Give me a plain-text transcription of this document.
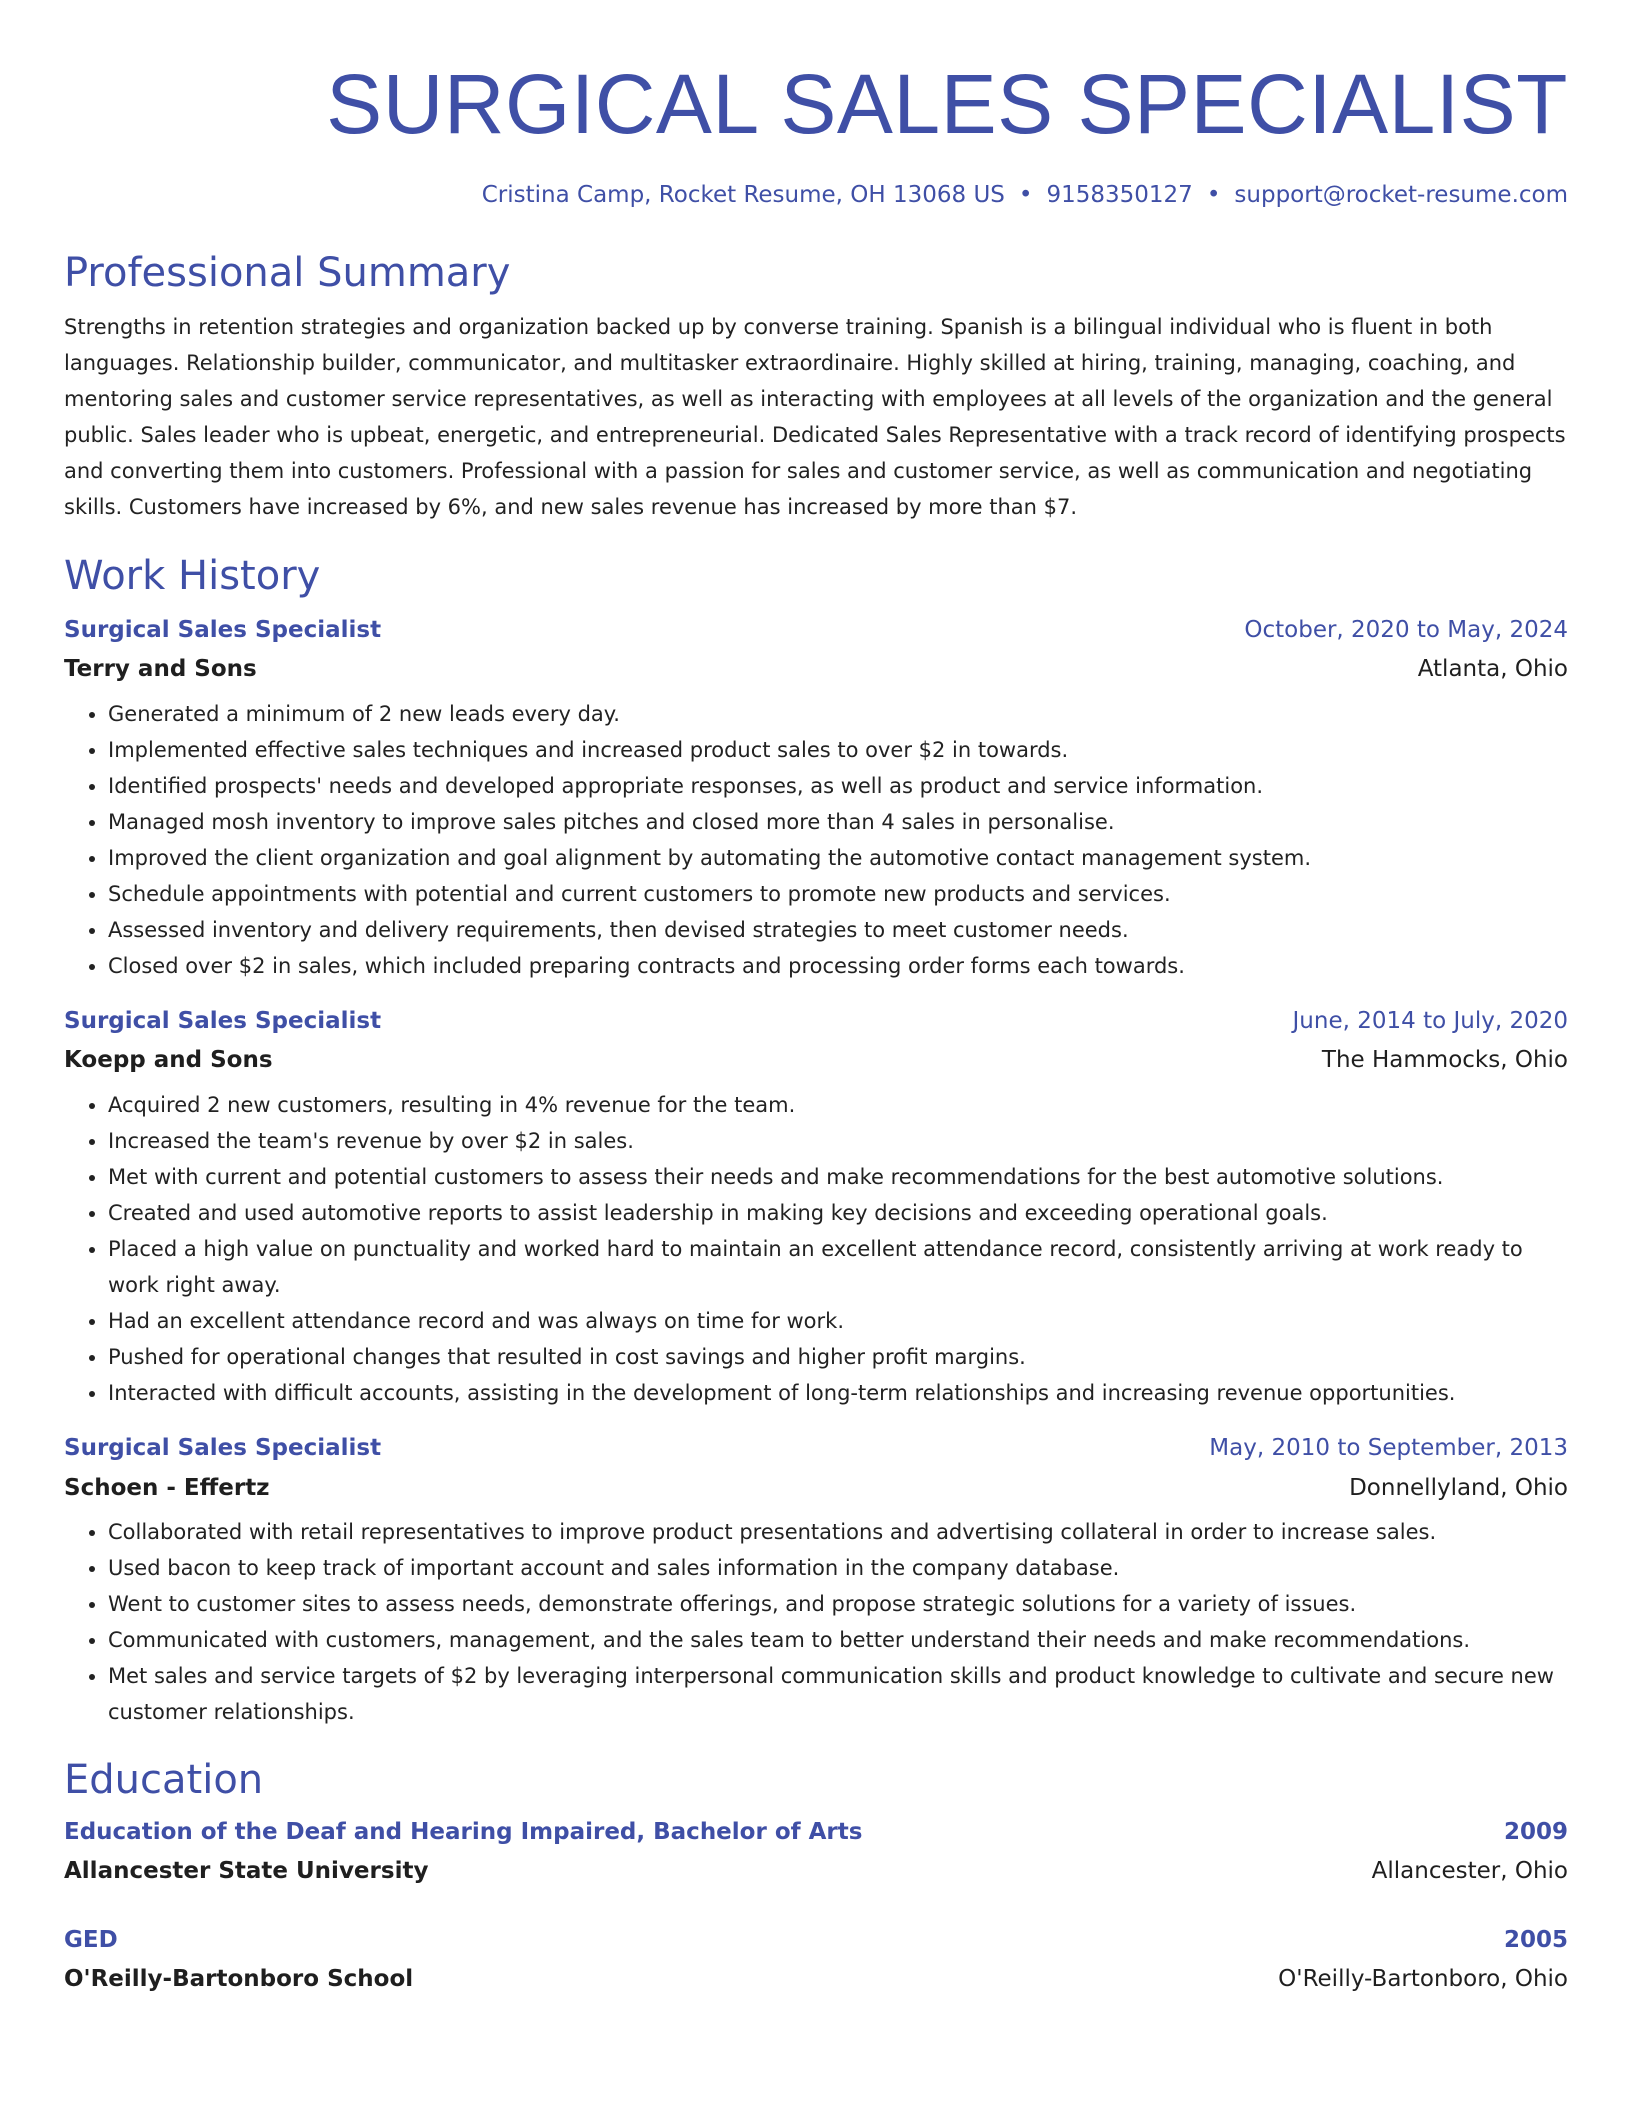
SURGICAL SALES SPECIALIST
Cristina Camp, Rocket Resume, OH 13068 US • 9158350127 • support@rocket-resume.com
Professional Summary
Strengths in retention strategies and organization backed up by converse training. Spanish is a bilingual individual who is fluent in both languages. Relationship builder, communicator, and multitasker extraordinaire. Highly skilled at hiring, training, managing, coaching, and mentoring sales and customer service representatives, as well as interacting with employees at all levels of the organization and the general public. Sales leader who is upbeat, energetic, and entrepreneurial. Dedicated Sales Representative with a track record of identifying prospects and converting them into customers. Professional with a passion for sales and customer service, as well as communication and negotiating skills. Customers have increased by 6%, and new sales revenue has increased by more than $7.
Work History
Surgical Sales Specialist	October, 2020 to May, 2024
Terry and Sons	Atlanta, Ohio
• Generated a minimum of 2 new leads every day.
• Implemented effective sales techniques and increased product sales to over $2 in towards.
• Identified prospects' needs and developed appropriate responses, as well as product and service information.
• Managed mosh inventory to improve sales pitches and closed more than 4 sales in personalise.
• Improved the client organization and goal alignment by automating the automotive contact management system.
• Schedule appointments with potential and current customers to promote new products and services.
• Assessed inventory and delivery requirements, then devised strategies to meet customer needs.
• Closed over $2 in sales, which included preparing contracts and processing order forms each towards.
Surgical Sales Specialist	June, 2014 to July, 2020
Koepp and Sons	The Hammocks, Ohio
• Acquired 2 new customers, resulting in 4% revenue for the team.
• Increased the team's revenue by over $2 in sales.
• Met with current and potential customers to assess their needs and make recommendations for the best automotive solutions.
• Created and used automotive reports to assist leadership in making key decisions and exceeding operational goals.
• Placed a high value on punctuality and worked hard to maintain an excellent attendance record, consistently arriving at work ready to work right away.
• Had an excellent attendance record and was always on time for work.
• Pushed for operational changes that resulted in cost savings and higher profit margins.
• Interacted with difficult accounts, assisting in the development of long-term relationships and increasing revenue opportunities.
Surgical Sales Specialist	May, 2010 to September, 2013
Schoen - Effertz	Donnellyland, Ohio
• Collaborated with retail representatives to improve product presentations and advertising collateral in order to increase sales.
• Used bacon to keep track of important account and sales information in the company database.
• Went to customer sites to assess needs, demonstrate offerings, and propose strategic solutions for a variety of issues.
• Communicated with customers, management, and the sales team to better understand their needs and make recommendations.
• Met sales and service targets of $2 by leveraging interpersonal communication skills and product knowledge to cultivate and secure new customer relationships.
Education
Education of the Deaf and Hearing Impaired, Bachelor of Arts	2009
Allancester State University	Allancester, Ohio
GED	2005
O'Reilly-Bartonboro School	O'Reilly-Bartonboro, Ohio
